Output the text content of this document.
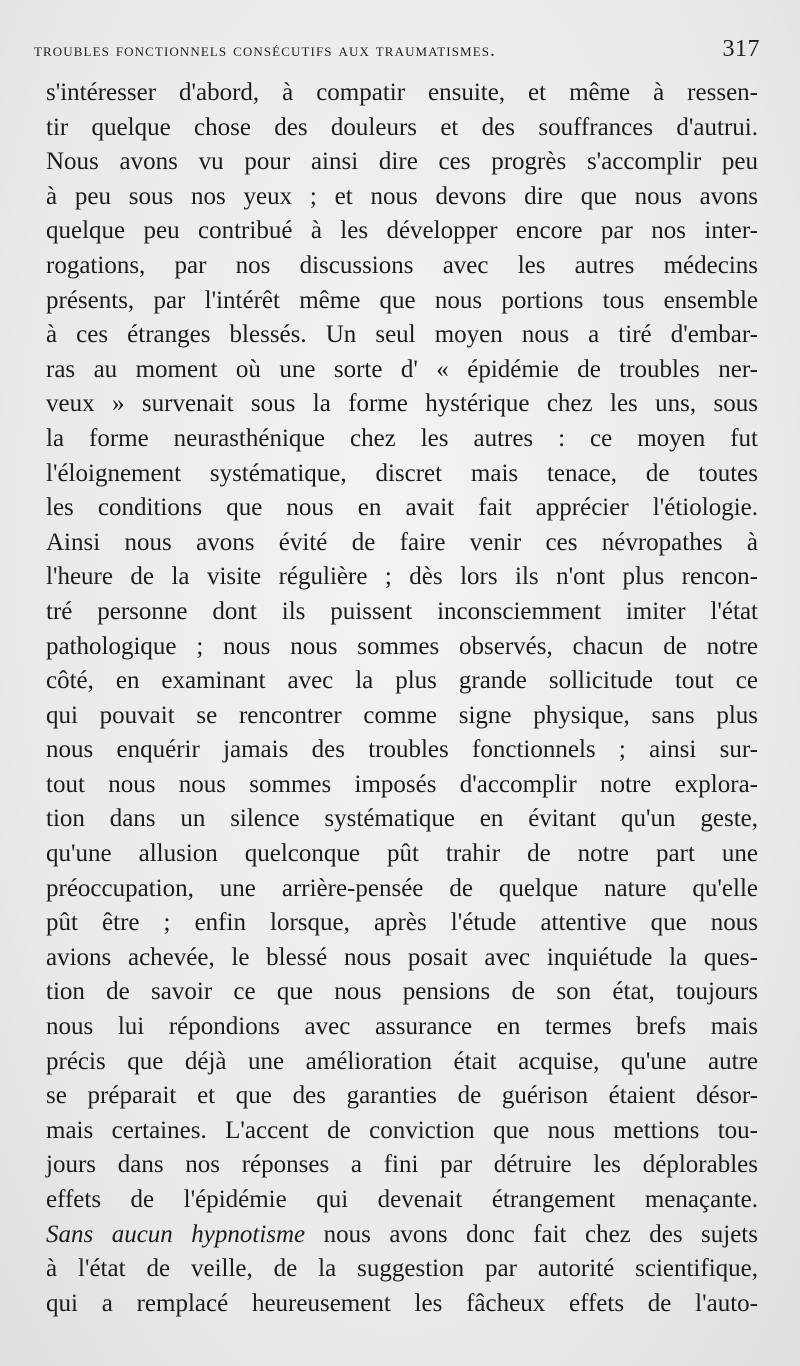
troubles fonctionnels consécutifs aux traumatismes.	317
s'intéresser d'abord, à compatir ensuite, et même à ressen-
tir quelque chose des douleurs et des souffrances d'autrui.
Nous avons vu pour ainsi dire ces progrès s'accomplir peu
à peu sous nos yeux ; et nous devons dire que nous avons
quelque peu contribué à les développer encore par nos inter-
rogations, par nos discussions avec les autres médecins
présents, par l'intérêt même que nous portions tous ensemble
à ces étranges blessés. Un seul moyen nous a tiré d'embar-
ras au moment où une sorte d' « épidémie de troubles ner-
veux » survenait sous la forme hystérique chez les uns, sous
la forme neurasthénique chez les autres : ce moyen fut
l'éloignement systématique, discret mais tenace, de toutes
les conditions que nous en avait fait apprécier l'étiologie.
Ainsi nous avons évité de faire venir ces névropathes à
l'heure de la visite régulière ; dès lors ils n'ont plus rencon-
tré personne dont ils puissent inconsciemment imiter l'état
pathologique ; nous nous sommes observés, chacun de notre
côté, en examinant avec la plus grande sollicitude tout ce
qui pouvait se rencontrer comme signe physique, sans plus
nous enquérir jamais des troubles fonctionnels ; ainsi sur-
tout nous nous sommes imposés d'accomplir notre explora-
tion dans un silence systématique en évitant qu'un geste,
qu'une allusion quelconque pût trahir de notre part une
préoccupation, une arrière-pensée de quelque nature qu'elle
pût être ; enfin lorsque, après l'étude attentive que nous
avions achevée, le blessé nous posait avec inquiétude la ques-
tion de savoir ce que nous pensions de son état, toujours
nous lui répondions avec assurance en termes brefs mais
précis que déjà une amélioration était acquise, qu'une autre
se préparait et que des garanties de guérison étaient désor-
mais certaines. L'accent de conviction que nous mettions tou-
jours dans nos réponses a fini par détruire les déplorables
effets de l'épidémie qui devenait étrangement menaçante.
Sans aucun hypnotisme nous avons donc fait chez des sujets
à l'état de veille, de la suggestion par autorité scientifique,
qui a remplacé heureusement les fâcheux effets de l'auto-
